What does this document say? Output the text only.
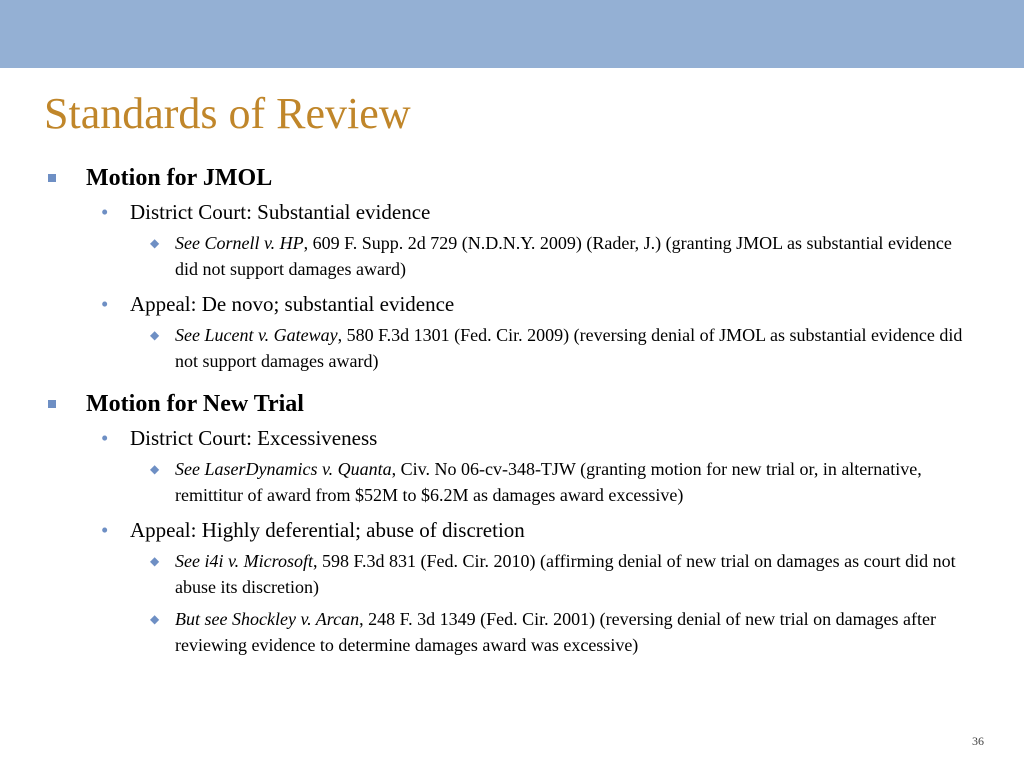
Standards of Review
Motion for JMOL
• District Court: Substantial evidence
◆ See Cornell v. HP, 609 F. Supp. 2d 729 (N.D.N.Y. 2009) (Rader, J.) (granting JMOL as substantial evidence did not support damages award)
• Appeal: De novo; substantial evidence
◆ See Lucent v. Gateway, 580 F.3d 1301 (Fed. Cir. 2009) (reversing denial of JMOL as substantial evidence did not support damages award)
Motion for New Trial
• District Court: Excessiveness
◆ See LaserDynamics v. Quanta, Civ. No 06-cv-348-TJW (granting motion for new trial or, in alternative, remittitur of award from $52M to $6.2M as damages award excessive)
• Appeal: Highly deferential; abuse of discretion
◆ See i4i v. Microsoft, 598 F.3d 831 (Fed. Cir. 2010) (affirming denial of new trial on damages as court did not abuse its discretion)
◆ But see Shockley v. Arcan, 248 F. 3d 1349 (Fed. Cir. 2001) (reversing denial of new trial on damages after reviewing evidence to determine damages award was excessive)
36
